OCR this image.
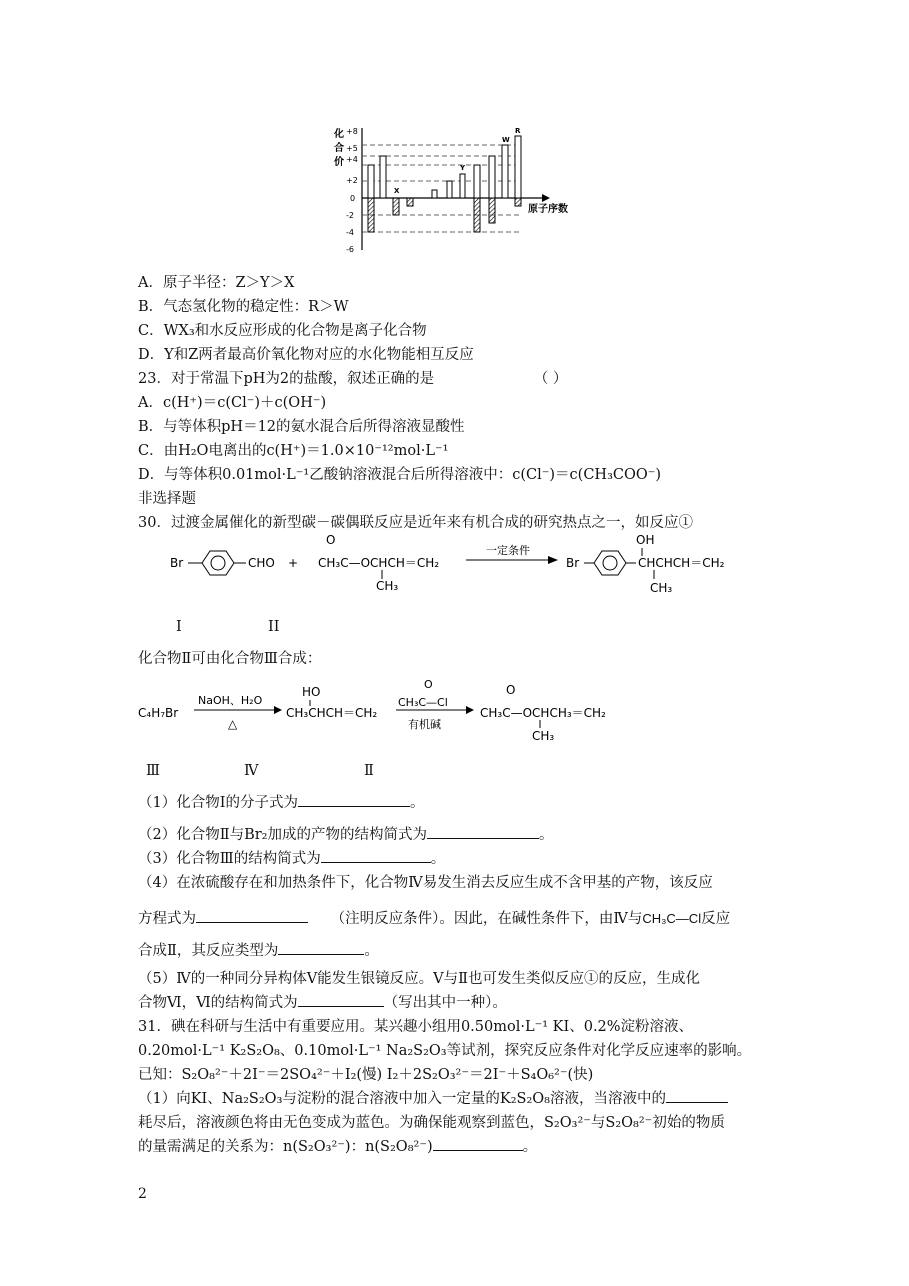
化
合
价
+8
+5
+4
+2
0
-2
-4
-6
X
Y
W
R
原子序数
A．原子半径：Z＞Y＞X
B．气态氢化物的稳定性：R＞W
C．WX₃和水反应形成的化合物是离子化合物
D．Y和Z两者最高价氧化物对应的水化物能相互反应
23．对于常温下pH为2的盐酸，叙述正确的是	（ ）
A．c(H⁺)＝c(Cl⁻)＋c(OH⁻)
B．与等体积pH＝12的氨水混合后所得溶液显酸性
C．由H₂O电离出的c(H⁺)＝1.0×10⁻¹²mol·L⁻¹
D．与等体积0.01mol·L⁻¹乙酸钠溶液混合后所得溶液中：c(Cl⁻)＝c(CH₃COO⁻)
非选择题
30．过渡金属催化的新型碳－碳偶联反应是近年来有机合成的研究热点之一，如反应①
Br	CHO +
O
CH₃C—OCHCH＝CH₂
CH₃
一定条件
Br
OH
CHCHCH＝CH₂
CH₃
I	II
化合物Ⅱ可由化合物Ⅲ合成：
C₄H₇Br
NaOH、H₂O
△
HO
CH₃CHCH＝CH₂
O
CH₃C—Cl
有机碱
O
CH₃C—OCHCH₃＝CH₂
CH₃
Ⅲ	Ⅳ	Ⅱ
（1）化合物Ⅰ的分子式为	。
（2）化合物Ⅱ与Br₂加成的产物的结构简式为	。
（3）化合物Ⅲ的结构简式为	。
（4）在浓硫酸存在和加热条件下，化合物Ⅳ易发生消去反应生成不含甲基的产物，该反应
方程式为	（注明反应条件）。因此，在碱性条件下，由Ⅳ与CH₃C—Cl反应
合成Ⅱ，其反应类型为	。
（5）Ⅳ的一种同分异构体Ⅴ能发生银镜反应。Ⅴ与Ⅱ也可发生类似反应①的反应，生成化
合物Ⅵ，Ⅵ的结构简式为	（写出其中一种）。
31．碘在科研与生活中有重要应用。某兴趣小组用0.50mol·L⁻¹ KI、0.2%淀粉溶液、
0.20mol·L⁻¹ K₂S₂O₈、0.10mol·L⁻¹ Na₂S₂O₃等试剂，探究反应条件对化学反应速率的影响。
已知：S₂O₈²⁻＋2I⁻＝2SO₄²⁻＋I₂(慢) I₂＋2S₂O₃²⁻＝2I⁻＋S₄O₆²⁻(快)
（1）向KI、Na₂S₂O₃与淀粉的混合溶液中加入一定量的K₂S₂O₈溶液，当溶液中的
耗尽后，溶液颜色将由无色变成为蓝色。为确保能观察到蓝色，S₂O₃²⁻与S₂O₈²⁻初始的物质
的量需满足的关系为：n(S₂O₃²⁻)：n(S₂O₈²⁻)	。
2
